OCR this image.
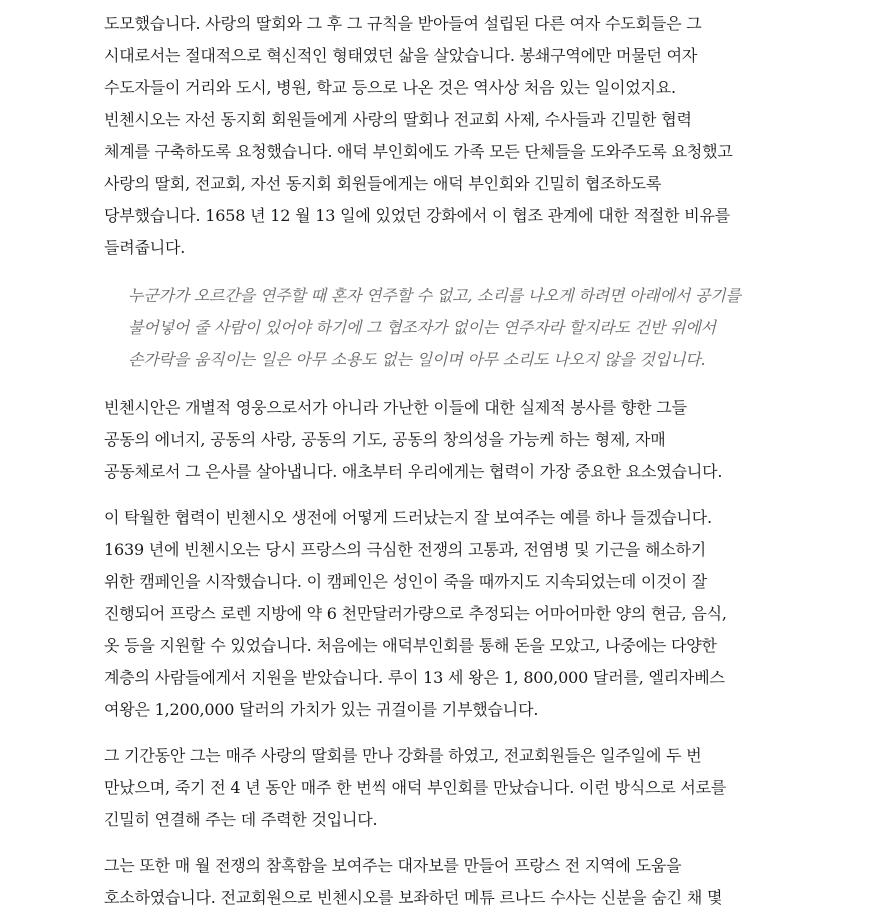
도모했습니다. 사랑의 딸회와 그 후 그 규칙을 받아들여 설립된 다른 여자 수도회들은 그
시대로서는 절대적으로 혁신적인 형태였던 삶을 살았습니다. 봉쇄구역에만 머물던 여자
수도자들이 거리와 도시, 병원, 학교 등으로 나온 것은 역사상 처음 있는 일이었지요.
빈첸시오는 자선 동지회 회원들에게 사랑의 딸회나 전교회 사제, 수사들과 긴밀한 협력
체계를 구축하도록 요청했습니다. 애덕 부인회에도 가족 모든 단체들을 도와주도록 요청했고
사랑의 딸회, 전교회, 자선 동지회 회원들에게는 애덕 부인회와 긴밀히 협조하도록
당부했습니다. 1658 년 12 월 13 일에 있었던 강화에서 이 협조 관계에 대한 적절한 비유를
들려줍니다.
누군가가 오르간을 연주할 때 혼자 연주할 수 없고, 소리를 나오게 하려면 아래에서 공기를
불어넣어 줄 사람이 있어야 하기에 그 협조자가 없이는 연주자라 할지라도 건반 위에서
손가락을 움직이는 일은 아무 소용도 없는 일이며 아무 소리도 나오지 않을 것입니다.
빈첸시안은 개별적 영웅으로서가 아니라 가난한 이들에 대한 실제적 봉사를 향한 그들
공동의 에너지, 공동의 사랑, 공동의 기도, 공동의 창의성을 가능케 하는 형제, 자매
공동체로서 그 은사를 살아냅니다. 애초부터 우리에게는 협력이 가장 중요한 요소였습니다.
이 탁월한 협력이 빈첸시오 생전에 어떻게 드러났는지 잘 보여주는 예를 하나 들겠습니다.
1639 년에 빈첸시오는 당시 프랑스의 극심한 전쟁의 고통과, 전염병 및 기근을 해소하기
위한 캠페인을 시작했습니다. 이 캠페인은 성인이 죽을 때까지도 지속되었는데 이것이 잘
진행되어 프랑스 로렌 지방에 약 6 천만달러가량으로 추정되는 어마어마한 양의 현금, 음식,
옷 등을 지원할 수 있었습니다. 처음에는 애덕부인회를 통해 돈을 모았고, 나중에는 다양한
계층의 사람들에게서 지원을 받았습니다. 루이 13 세 왕은 1, 800,000 달러를, 엘리자베스
여왕은 1,200,000 달러의 가치가 있는 귀걸이를 기부했습니다.
그 기간동안 그는 매주 사랑의 딸회를 만나 강화를 하였고, 전교회원들은 일주일에 두 번
만났으며, 죽기 전 4 년 동안 매주 한 번씩 애덕 부인회를 만났습니다. 이런 방식으로 서로를
긴밀히 연결해 주는 데 주력한 것입니다.
그는 또한 매 월 전쟁의 참혹함을 보여주는 대자보를 만들어 프랑스 전 지역에 도움을
호소하였습니다. 전교회원으로 빈첸시오를 보좌하던 메튜 르나드 수사는 신분을 숨긴 채 몇
